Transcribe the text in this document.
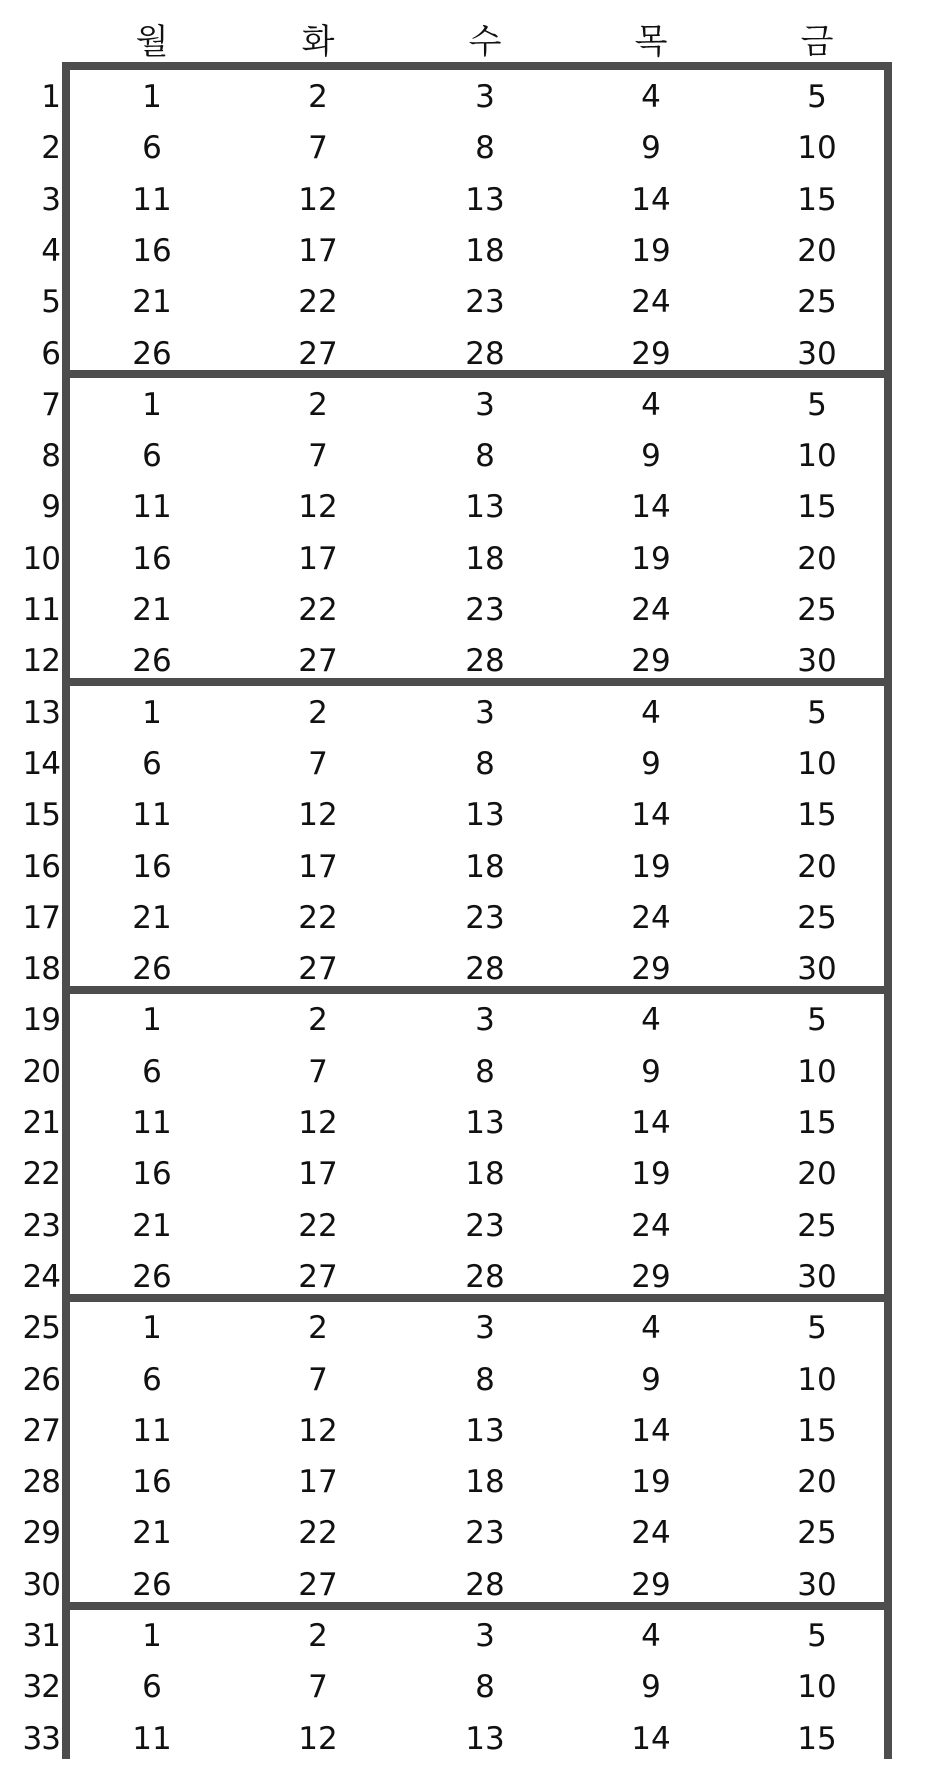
월	화	수	목	금
1	1	2	3	4	5
2	6	7	8	9	10
3	11	12	13	14	15
4	16	17	18	19	20
5	21	22	23	24	25
6	26	27	28	29	30
7	1	2	3	4	5
8	6	7	8	9	10
9	11	12	13	14	15
10	16	17	18	19	20
11	21	22	23	24	25
12	26	27	28	29	30
13	1	2	3	4	5
14	6	7	8	9	10
15	11	12	13	14	15
16	16	17	18	19	20
17	21	22	23	24	25
18	26	27	28	29	30
19	1	2	3	4	5
20	6	7	8	9	10
21	11	12	13	14	15
22	16	17	18	19	20
23	21	22	23	24	25
24	26	27	28	29	30
25	1	2	3	4	5
26	6	7	8	9	10
27	11	12	13	14	15
28	16	17	18	19	20
29	21	22	23	24	25
30	26	27	28	29	30
31	1	2	3	4	5
32	6	7	8	9	10
33	11	12	13	14	15
